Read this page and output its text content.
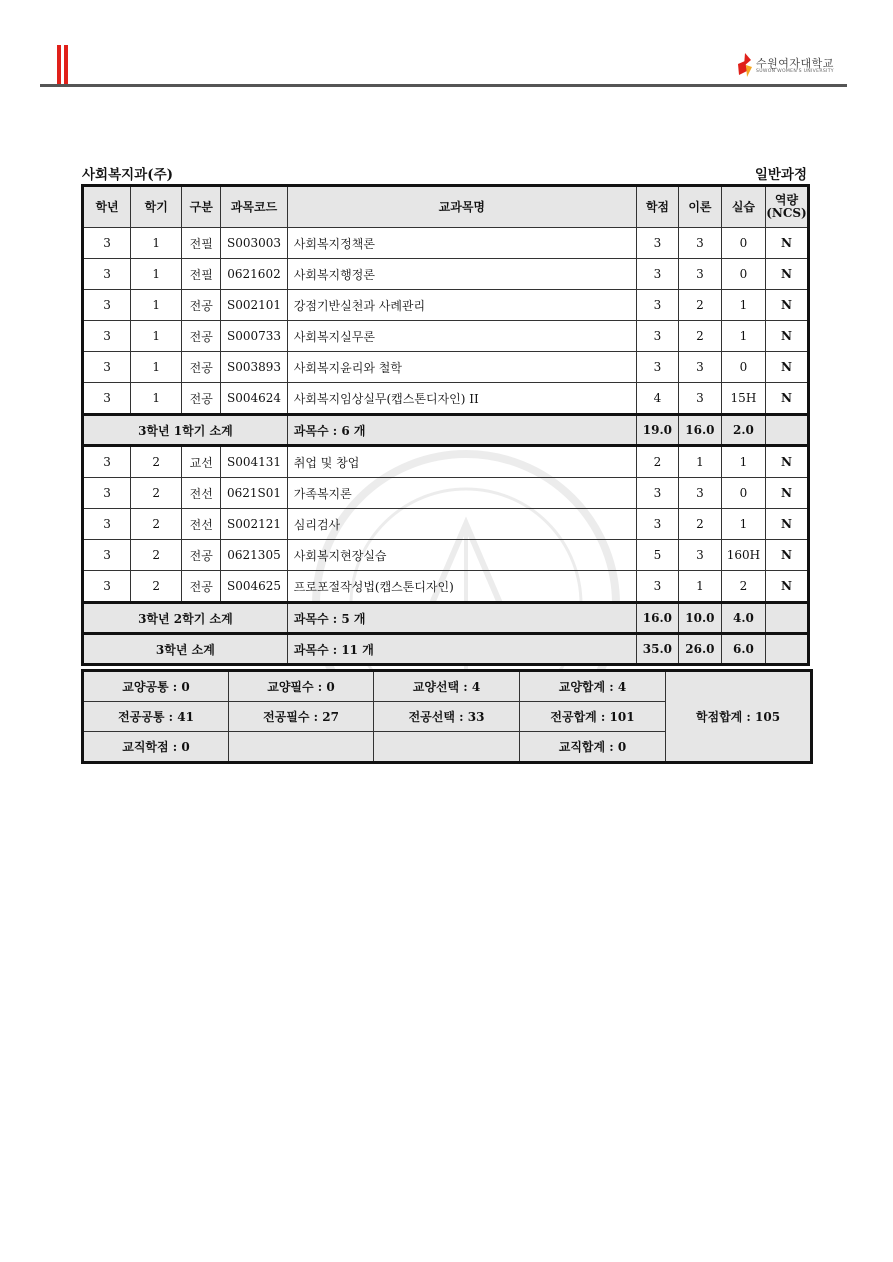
수원여자대학교
SUWON WOMEN'S UNIVERSITY
사회복지과(주)	일반과정
학년	학기	구분	과목코드	교과목명	학점	이론	실습	역량
(NCS)
3	1	전필	S003003	사회복지정책론	3	3	0	N
3	1	전필	0621602	사회복지행정론	3	3	0	N
3	1	전공	S002101	강점기반실천과 사례관리	3	2	1	N
3	1	전공	S000733	사회복지실무론	3	2	1	N
3	1	전공	S003893	사회복지윤리와 철학	3	3	0	N
3	1	전공	S004624	사회복지임상실무(캡스톤디자인) II	4	3	15H	N
3학년 1학기 소계				과목수 : 6 개	19.0	16.0	2.0	
3	2	교선	S004131	취업 및 창업	2	1	1	N
3	2	전선	0621S01	가족복지론	3	3	0	N
3	2	전선	S002121	심리검사	3	2	1	N
3	2	전공	0621305	사회복지현장실습	5	3	160H	N
3	2	전공	S004625	프로포절작성법(캡스톤디자인)	3	1	2	N
3학년 2학기 소계				과목수 : 5 개	16.0	10.0	4.0	
3학년 소계				과목수 : 11 개	35.0	26.0	6.0	
교양공통 : 0	교양필수 : 0	교양선택 : 4	교양합계 : 4	학점합계 : 105
전공공통 : 41	전공필수 : 27	전공선택 : 33	전공합계 : 101	
교직학점 : 0			교직합계 : 0	
